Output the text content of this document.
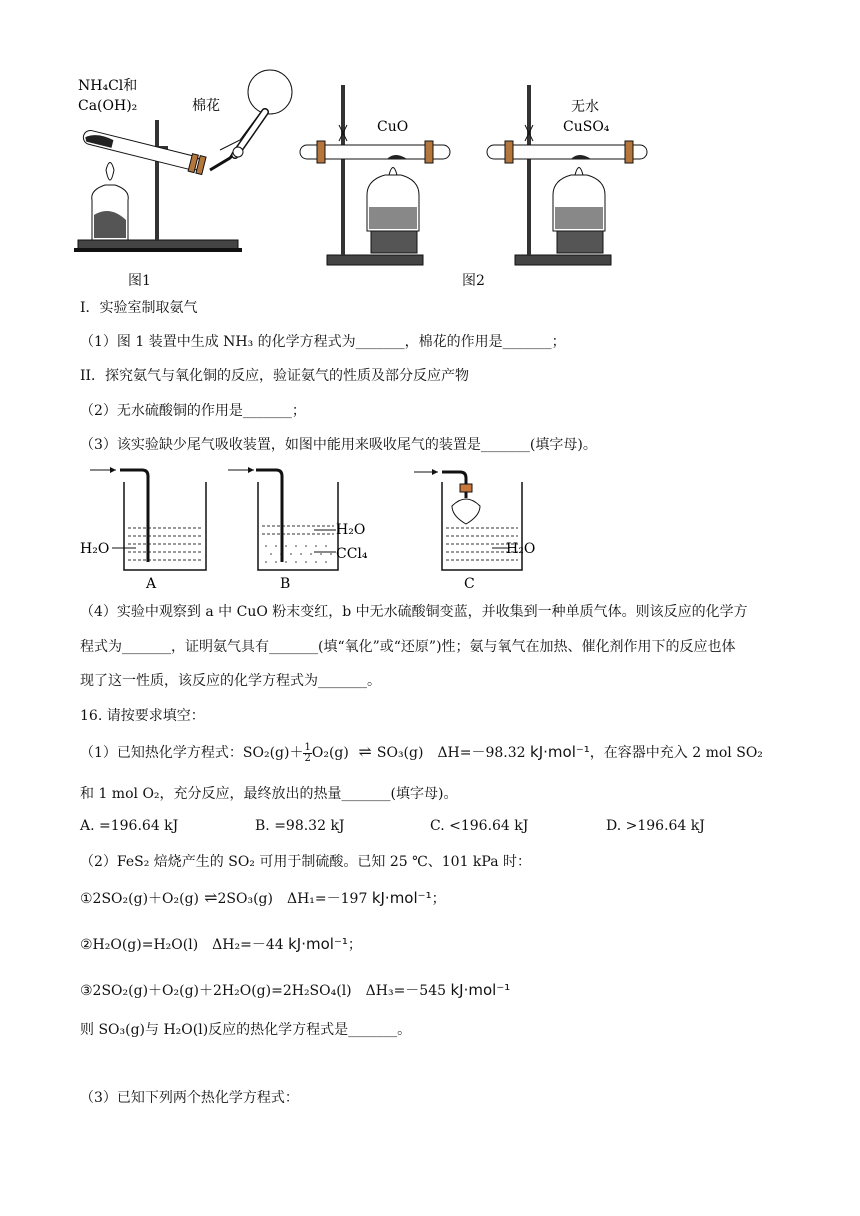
NH₄Cl和
Ca(OH)₂	棉花
图1
CuO
无水
CuSO₄
图2
I．实验室制取氨气
（1）图 1 装置中生成 NH₃ 的化学方程式为_______，棉花的作用是_______；
II．探究氨气与氧化铜的反应，验证氨气的性质及部分反应产物
（2）无水硫酸铜的作用是_______；
（3）该实验缺少尾气吸收装置，如图中能用来吸收尾气的装置是_______(填字母)。
H₂O
A
H₂O
CCl₄
B
H₂O
C
（4）实验中观察到 a 中 CuO 粉末变红，b 中无水硫酸铜变蓝，并收集到一种单质气体。则该反应的化学方
程式为_______，证明氨气具有_______(填“氧化”或“还原”)性；氨与氧气在加热、催化剂作用下的反应也体
现了这一性质，该反应的化学方程式为_______。
16. 请按要求填空：
（1）已知热化学方程式：$SO_2(g)+ \frac{1}{2} O_2(g)$  ⇌ SO₃(g)　ΔH=－98.32 kJ·mol⁻¹，在容器中充入 2 mol SO₂
和 1 mol O₂，充分反应，最终放出的热量_______(填字母)。
A. =196.64 kJ	B. =98.32 kJ	C. <196.64 kJ	D. >196.64 kJ
（2）FeS₂ 焙烧产生的 SO₂ 可用于制硫酸。已知 25 ℃、101 kPa 时：
①2SO₂(g)＋O₂(g) ⇌2SO₃(g)　ΔH₁=－197 kJ·mol⁻¹；
②H₂O(g)=H₂O(l)　ΔH₂=－44 kJ·mol⁻¹；
③2SO₂(g)＋O₂(g)＋2H₂O(g)=2H₂SO₄(l)　ΔH₃=－545 kJ·mol⁻¹
则 SO₃(g)与 H₂O(l)反应的热化学方程式是_______。
（3）已知下列两个热化学方程式：
